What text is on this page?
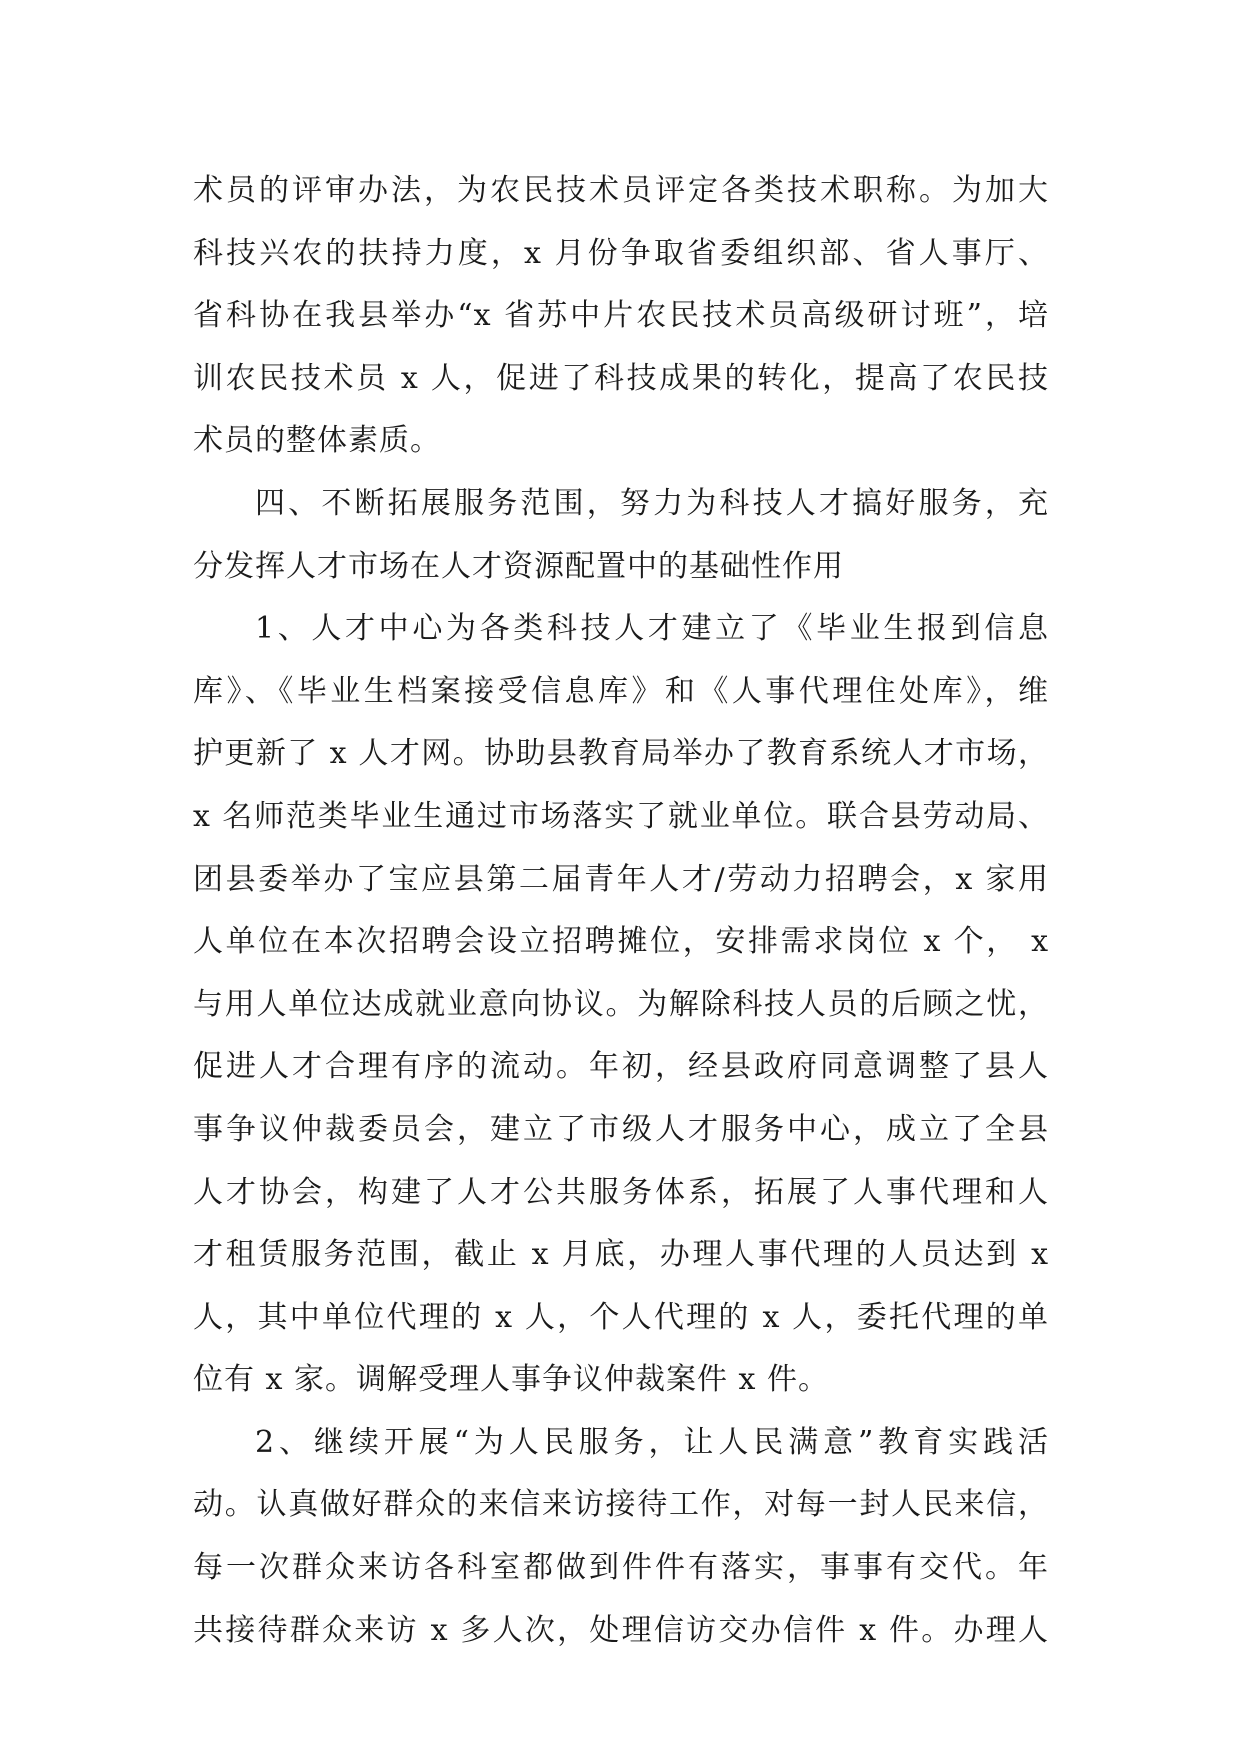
术员的评审办法，为农民技术员评定各类技术职称。为加大
科技兴农的扶持力度，x 月份争取省委组织部、省人事厅、
省科协在我县举办“x 省苏中片农民技术员高级研讨班”，培
训农民技术员 x 人，促进了科技成果的转化，提高了农民技
术员的整体素质。
四、不断拓展服务范围，努力为科技人才搞好服务，充
分发挥人才市场在人才资源配置中的基础性作用
1、人才中心为各类科技人才建立了《毕业生报到信息
库》、《毕业生档案接受信息库》和《人事代理住处库》，维
护更新了 x 人才网。协助县教育局举办了教育系统人才市场，
x 名师范类毕业生通过市场落实了就业单位。联合县劳动局、
团县委举办了宝应县第二届青年人才/劳动力招聘会，x 家用
人单位在本次招聘会设立招聘摊位，安排需求岗位 x 个， x
与用人单位达成就业意向协议。为解除科技人员的后顾之忧，
促进人才合理有序的流动。年初，经县政府同意调整了县人
事争议仲裁委员会，建立了市级人才服务中心，成立了全县
人才协会，构建了人才公共服务体系，拓展了人事代理和人
才租赁服务范围，截止 x 月底，办理人事代理的人员达到 x
人，其中单位代理的 x 人，个人代理的 x 人，委托代理的单
位有 x 家。调解受理人事争议仲裁案件 x 件。
2、继续开展“为人民服务，让人民满意”教育实践活
动。认真做好群众的来信来访接待工作，对每一封人民来信，
每一次群众来访各科室都做到件件有落实，事事有交代。年
共接待群众来访 x 多人次，处理信访交办信件 x 件。办理人
